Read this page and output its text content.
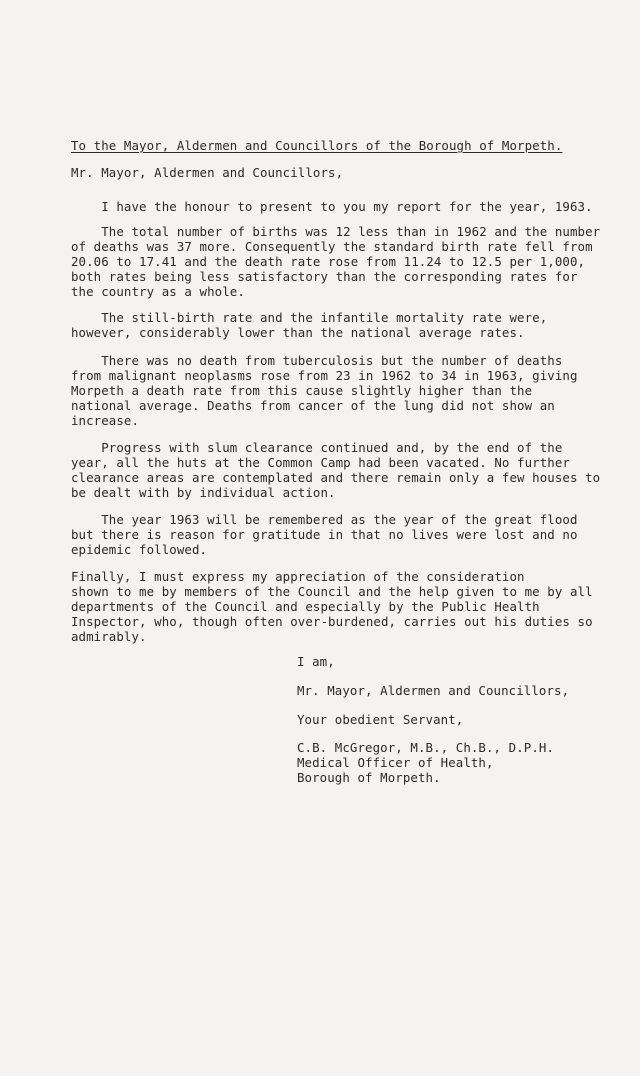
To the Mayor, Aldermen and Councillors of the Borough of Morpeth.
Mr. Mayor, Aldermen and Councillors,
I have the honour to present to you my report for the year, 1963.
The total number of births was 12 less than in 1962 and the number
of deaths was 37 more. Consequently the standard birth rate fell from
20.06 to 17.41 and the death rate rose from 11.24 to 12.5 per 1,000,
both rates being less satisfactory than the corresponding rates for
the country as a whole.
The still-birth rate and the infantile mortality rate were,
however, considerably lower than the national average rates.
There was no death from tuberculosis but the number of deaths
from malignant neoplasms rose from 23 in 1962 to 34 in 1963, giving
Morpeth a death rate from this cause slightly higher than the
national average. Deaths from cancer of the lung did not show an
increase.
Progress with slum clearance continued and, by the end of the
year, all the huts at the Common Camp had been vacated. No further
clearance areas are contemplated and there remain only a few houses to
be dealt with by individual action.
The year 1963 will be remembered as the year of the great flood
but there is reason for gratitude in that no lives were lost and no
epidemic followed.
Finally, I must express my appreciation of the consideration
shown to me by members of the Council and the help given to me by all
departments of the Council and especially by the Public Health
Inspector, who, though often over-burdened, carries out his duties so
admirably.
I am,
Mr. Mayor, Aldermen and Councillors,
Your obedient Servant,
C.B. McGregor, M.B., Ch.B., D.P.H.
Medical Officer of Health,
Borough of Morpeth.
